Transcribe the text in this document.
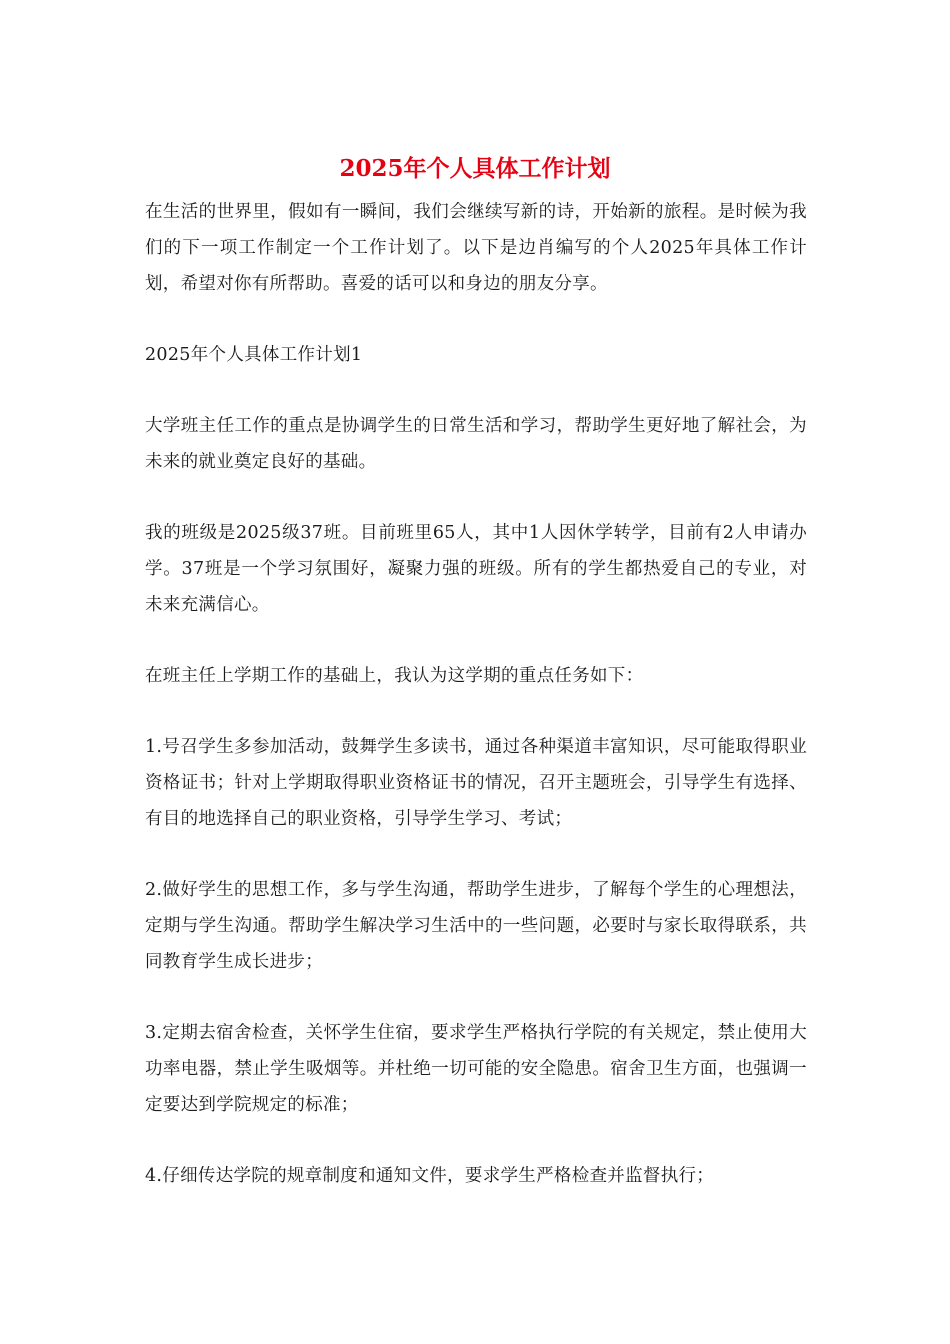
2025年个人具体工作计划

在生活的世界里，假如有一瞬间，我们会继续写新的诗，开始新的旅程。是时候为我们的下一项工作制定一个工作计划了。以下是边肖编写的个人2025年具体工作计划，希望对你有所帮助。喜爱的话可以和身边的朋友分享。

2025年个人具体工作计划1

大学班主任工作的重点是协调学生的日常生活和学习，帮助学生更好地了解社会，为未来的就业奠定良好的基础。

我的班级是2025级37班。目前班里65人，其中1人因休学转学，目前有2人申请办学。37班是一个学习氛围好，凝聚力强的班级。所有的学生都热爱自己的专业，对未来充满信心。

在班主任上学期工作的基础上，我认为这学期的重点任务如下：

1.号召学生多参加活动，鼓舞学生多读书，通过各种渠道丰富知识，尽可能取得职业资格证书；针对上学期取得职业资格证书的情况，召开主题班会，引导学生有选择、有目的地选择自己的职业资格，引导学生学习、考试；

2.做好学生的思想工作，多与学生沟通，帮助学生进步，了解每个学生的心理想法，定期与学生沟通。帮助学生解决学习生活中的一些问题，必要时与家长取得联系，共同教育学生成长进步；

3.定期去宿舍检查，关怀学生住宿，要求学生严格执行学院的有关规定，禁止使用大功率电器，禁止学生吸烟等。并杜绝一切可能的安全隐患。宿舍卫生方面，也强调一定要达到学院规定的标准；

4.仔细传达学院的规章制度和通知文件，要求学生严格检查并监督执行；
